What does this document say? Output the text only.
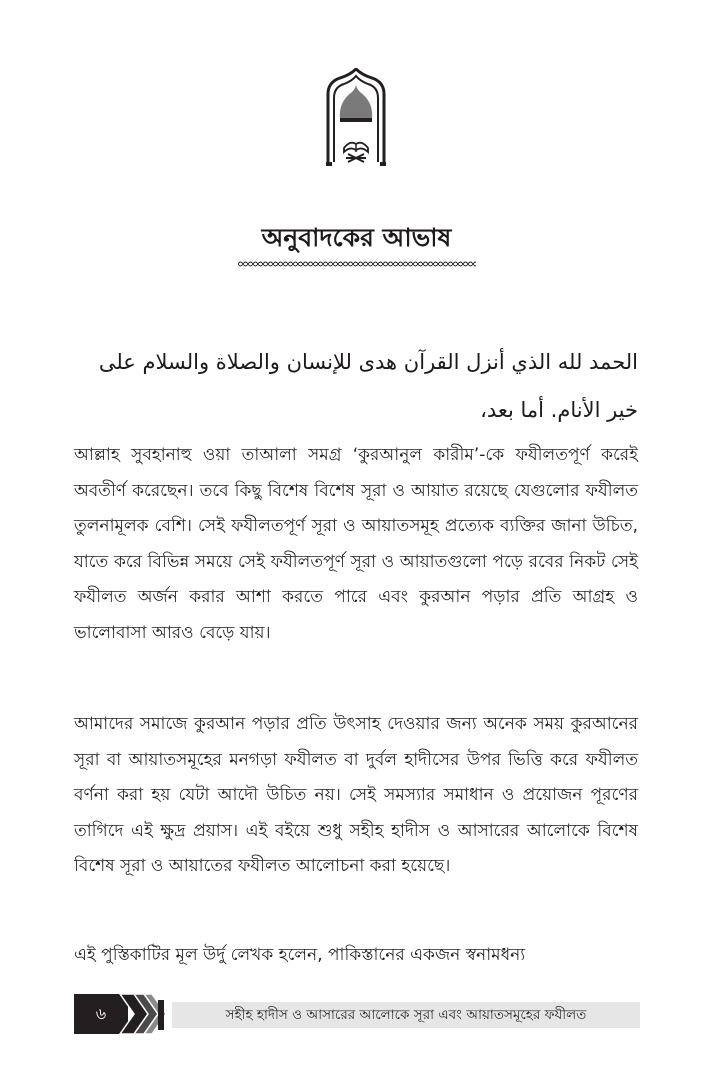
অনুবাদকের আভাষ

الحمد لله الذي أنزل القرآن هدى للإنسان والصلاة والسلام على

خير الأنام. أما بعد،

আল্লাহ সুবহানাহু ওয়া তাআলা সমগ্র ‘কুরআনুল কারীম’-কে ফযীলতপূর্ণ করেই অবতীর্ণ করেছেন। তবে কিছু বিশেষ বিশেষ সূরা ও আয়াত রয়েছে যেগুলোর ফযীলত তুলনামূলক বেশি। সেই ফযীলতপূর্ণ সূরা ও আয়াতসমূহ প্রত্যেক ব্যক্তির জানা উচিত, যাতে করে বিভিন্ন সময়ে সেই ফযীলতপূর্ণ সূরা ও আয়াতগুলো পড়ে রবের নিকট সেই ফযীলত অর্জন করার আশা করতে পারে এবং কুরআন পড়ার প্রতি আগ্রহ ও ভালোবাসা আরও বেড়ে যায়।

আমাদের সমাজে কুরআন পড়ার প্রতি উৎসাহ দেওয়ার জন্য অনেক সময় কুরআনের সূরা বা আয়াতসমূহের মনগড়া ফযীলত বা দুর্বল হাদীসের উপর ভিত্তি করে ফযীলত বর্ণনা করা হয় যেটা আদৌ উচিত নয়। সেই সমস্যার সমাধান ও প্রয়োজন পূরণের তাগিদে এই ক্ষুদ্র প্রয়াস। এই বইয়ে শুধু সহীহ হাদীস ও আসারের আলোকে বিশেষ বিশেষ সূরা ও আয়াতের ফযীলত আলোচনা করা হয়েছে।

এই পুস্তিকাটির মূল উর্দু লেখক হলেন, পাকিস্তানের একজন স্বনামধন্য

৬	সহীহ হাদীস ও আসারের আলোকে সূরা এবং আয়াতসমূহের ফযীলত
